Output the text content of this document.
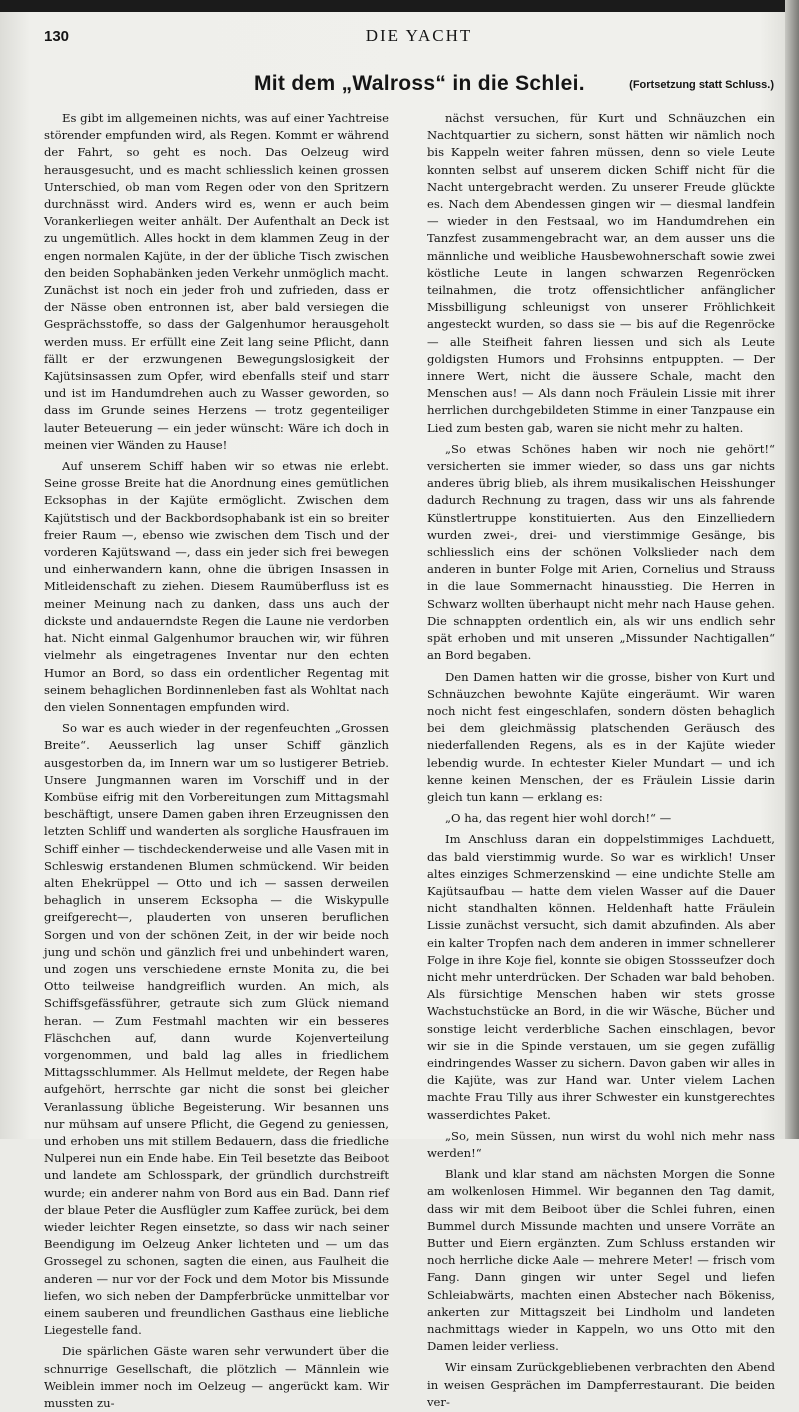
130	DIE YACHT
Mit dem „Walross“ in die Schlei.	(Fortsetzung statt Schluss.)

Es gibt im allgemeinen nichts, was auf einer Yachtreise störender empfunden wird, als Regen. Kommt er während der Fahrt, so geht es noch. Das Oelzeug wird herausgesucht, und es macht schliesslich keinen grossen Unterschied, ob man vom Regen oder von den Spritzern durchnässt wird. Anders wird es, wenn er auch beim Vorankerliegen weiter anhält. Der Aufenthalt an Deck ist zu ungemütlich. Alles hockt in dem klammen Zeug in der engen normalen Kajüte, in der der übliche Tisch zwischen den beiden Sophabänken jeden Verkehr unmöglich macht. Zunächst ist noch ein jeder froh und zufrieden, dass er der Nässe oben entronnen ist, aber bald versiegen die Gesprächsstoffe, so dass der Galgenhumor herausgeholt werden muss. Er erfüllt eine Zeit lang seine Pflicht, dann fällt er der erzwungenen Bewegungslosigkeit der Kajütsinsassen zum Opfer, wird ebenfalls steif und starr und ist im Handumdrehen auch zu Wasser geworden, so dass im Grunde seines Herzens — trotz gegenteiliger lauter Beteuerung — ein jeder wünscht: Wäre ich doch in meinen vier Wänden zu Hause!

Auf unserem Schiff haben wir so etwas nie erlebt. Seine grosse Breite hat die Anordnung eines gemütlichen Ecksophas in der Kajüte ermöglicht. Zwischen dem Kajütstisch und der Backbordsophabank ist ein so breiter freier Raum —, ebenso wie zwischen dem Tisch und der vorderen Kajütswand —, dass ein jeder sich frei bewegen und einherwandern kann, ohne die übrigen Insassen in Mitleidenschaft zu ziehen. Diesem Raumüberfluss ist es meiner Meinung nach zu danken, dass uns auch der dickste und andauerndste Regen die Laune nie verdorben hat. Nicht einmal Galgenhumor brauchen wir, wir führen vielmehr als eingetragenes Inventar nur den echten Humor an Bord, so dass ein ordentlicher Regentag mit seinem behaglichen Bordinnenleben fast als Wohltat nach den vielen Sonnentagen empfunden wird.

So war es auch wieder in der regenfeuchten „Grossen Breite“. Aeusserlich lag unser Schiff gänzlich ausgestorben da, im Innern war um so lustigerer Betrieb. Unsere Jungmannen waren im Vorschiff und in der Kombüse eifrig mit den Vorbereitungen zum Mittagsmahl beschäftigt, unsere Damen gaben ihren Erzeugnissen den letzten Schliff und wanderten als sorgliche Hausfrauen im Schiff einher — tischdeckenderweise und alle Vasen mit in Schleswig erstandenen Blumen schmückend. Wir beiden alten Ehekrüppel — Otto und ich — sassen derweilen behaglich in unserem Ecksopha — die Wiskypulle greifgerecht—, plauderten von unseren beruflichen Sorgen und von der schönen Zeit, in der wir beide noch jung und schön und gänzlich frei und unbehindert waren, und zogen uns verschiedene ernste Monita zu, die bei Otto teilweise handgreiflich wurden. An mich, als Schiffsgefässführer, getraute sich zum Glück niemand heran. — Zum Festmahl machten wir ein besseres Fläschchen auf, dann wurde Kojenverteilung vorgenommen, und bald lag alles in friedlichem Mittagsschlummer. Als Hellmut meldete, der Regen habe aufgehört, herrschte gar nicht die sonst bei gleicher Veranlassung übliche Begeisterung. Wir besannen uns nur mühsam auf unsere Pflicht, die Gegend zu geniessen, und erhoben uns mit stillem Bedauern, dass die friedliche Nulperei nun ein Ende habe. Ein Teil besetzte das Beiboot und landete am Schlosspark, der gründlich durchstreift wurde; ein anderer nahm von Bord aus ein Bad. Dann rief der blaue Peter die Ausflügler zum Kaffee zurück, bei dem wieder leichter Regen einsetzte, so dass wir nach seiner Beendigung im Oelzeug Anker lichteten und — um das Grossegel zu schonen, sagten die einen, aus Faulheit die anderen — nur vor der Fock und dem Motor bis Missunde liefen, wo sich neben der Dampferbrücke unmittelbar vor einem sauberen und freundlichen Gasthaus eine liebliche Liegestelle fand.

Die spärlichen Gäste waren sehr verwundert über die schnurrige Gesellschaft, die plötzlich — Männlein wie Weiblein immer noch im Oelzeug — angerückt kam. Wir mussten zu-

nächst versuchen, für Kurt und Schnäuzchen ein Nachtquartier zu sichern, sonst hätten wir nämlich noch bis Kappeln weiter fahren müssen, denn so viele Leute konnten selbst auf unserem dicken Schiff nicht für die Nacht untergebracht werden. Zu unserer Freude glückte es. Nach dem Abendessen gingen wir — diesmal landfein — wieder in den Festsaal, wo im Handumdrehen ein Tanzfest zusammengebracht war, an dem ausser uns die männliche und weibliche Hausbewohnerschaft sowie zwei köstliche Leute in langen schwarzen Regenröcken teilnahmen, die trotz offensichtlicher anfänglicher Missbilligung schleunigst von unserer Fröhlichkeit angesteckt wurden, so dass sie — bis auf die Regenröcke — alle Steifheit fahren liessen und sich als Leute goldigsten Humors und Frohsinns entpuppten. — Der innere Wert, nicht die äussere Schale, macht den Menschen aus! — Als dann noch Fräulein Lissie mit ihrer herrlichen durchgebildeten Stimme in einer Tanzpause ein Lied zum besten gab, waren sie nicht mehr zu halten.

„So etwas Schönes haben wir noch nie gehört!“ versicherten sie immer wieder, so dass uns gar nichts anderes übrig blieb, als ihrem musikalischen Heisshunger dadurch Rechnung zu tragen, dass wir uns als fahrende Künstlertruppe konstituierten. Aus den Einzelliedern wurden zwei-, drei- und vierstimmige Gesänge, bis schliesslich eins der schönen Volkslieder nach dem anderen in bunter Folge mit Arien, Cornelius und Strauss in die laue Sommernacht hinausstieg. Die Herren in Schwarz wollten überhaupt nicht mehr nach Hause gehen. Die schnappten ordentlich ein, als wir uns endlich sehr spät erhoben und mit unseren „Missunder Nachtigallen“ an Bord begaben.

Den Damen hatten wir die grosse, bisher von Kurt und Schnäuzchen bewohnte Kajüte eingeräumt. Wir waren noch nicht fest eingeschlafen, sondern dösten behaglich bei dem gleichmässig platschenden Geräusch des niederfallenden Regens, als es in der Kajüte wieder lebendig wurde. In echtester Kieler Mundart — und ich kenne keinen Menschen, der es Fräulein Lissie darin gleich tun kann — erklang es:

„O ha, das regent hier wohl dorch!“ —

Im Anschluss daran ein doppelstimmiges Lachduett, das bald vierstimmig wurde. So war es wirklich! Unser altes einziges Schmerzenskind — eine undichte Stelle am Kajütsaufbau — hatte dem vielen Wasser auf die Dauer nicht standhalten können. Heldenhaft hatte Fräulein Lissie zunächst versucht, sich damit abzufinden. Als aber ein kalter Tropfen nach dem anderen in immer schnellerer Folge in ihre Koje fiel, konnte sie obigen Stossseufzer doch nicht mehr unterdrücken. Der Schaden war bald behoben. Als fürsichtige Menschen haben wir stets grosse Wachstuchstücke an Bord, in die wir Wäsche, Bücher und sonstige leicht verderbliche Sachen einschlagen, bevor wir sie in die Spinde verstauen, um sie gegen zufällig eindringendes Wasser zu sichern. Davon gaben wir alles in die Kajüte, was zur Hand war. Unter vielem Lachen machte Frau Tilly aus ihrer Schwester ein kunstgerechtes wasserdichtes Paket.

„So, mein Süssen, nun wirst du wohl nich mehr nass werden!“

Blank und klar stand am nächsten Morgen die Sonne am wolkenlosen Himmel. Wir begannen den Tag damit, dass wir mit dem Beiboot über die Schlei fuhren, einen Bummel durch Missunde machten und unsere Vorräte an Butter und Eiern ergänzten. Zum Schluss erstanden wir noch herrliche dicke Aale — mehrere Meter! — frisch vom Fang. Dann gingen wir unter Segel und liefen Schleiabwärts, machten einen Abstecher nach Bökeniss, ankerten zur Mittagszeit bei Lindholm und landeten nachmittags wieder in Kappeln, wo uns Otto mit den Damen leider verliess.

Wir einsam Zurückgebliebenen verbrachten den Abend in weisen Gesprächen im Dampferrestaurant. Die beiden ver-
